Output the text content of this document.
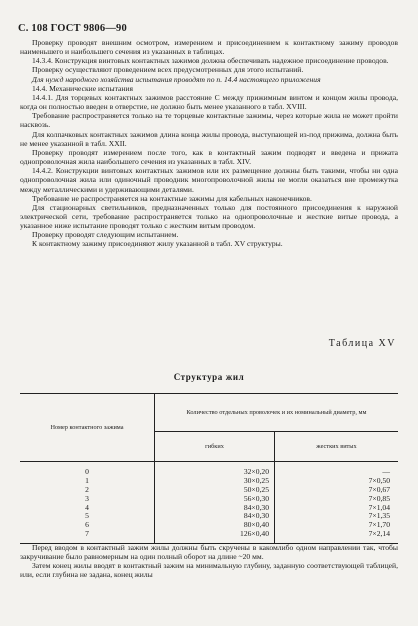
С. 108 ГОСТ 9806—90

Проверку проводят внешним осмотром, измерением и присоединением к контактному зажиму проводов наименьшего и наибольшего сечения из указанных в таблицах.

14.3.4. Конструкция винтовых контактных зажимов должна обеспечивать надежное присоединение проводов.

Проверку осуществляют проведением всех предусмотренных для этого испытаний.

Для нужд народного хозяйства испытания проводят по п. 14.4 настоящего приложения

14.4. Механические испытания

14.4.1. Для торцевых контактных зажимов расстояние С между прижимным винтом и концом жилы провода, когда он полностью введен в отверстие, не должно быть менее указанного в табл. XVIII.

Требование распространяется только на те торцевые контактные зажимы, через которые жила не может пройти насквозь.

Для колпачковых контактных зажимов длина конца жилы провода, выступающей из-под прижима, должна быть не менее указанной в табл. XXII.

Проверку проводят измерением после того, как в контактный зажим подводят и введена и прижата однопроволочная жила наибольшего сечения из указанных в табл. XIV.

14.4.2. Конструкции винтовых контактных зажимов или их размещение должны быть такими, чтобы ни одна однопроволочная жила или одиночный проводник многопроволочной жилы не могли оказаться вне промежутка между металлическими и удерживающими деталями.

Требование не распространяется на контактные зажимы для кабельных наконечников.

Для стационарных светильников, предназначенных только для постоянного присоединения к наружной электрической сети, требование распространяется только на однопроволочные и жесткие витые провода, а указанное ниже испытание проводят только с жестким витым проводом.

Проверку проводят следующим испытанием.

К контактному зажиму присоединяют жилу указанной в табл. XV структуры.

Таблица XV
Структура жил
Номер контактного зажима
Количество отдельных проволочек и их номинальный диаметр, мм
гибких	жестких витых
0	32×0,20	—
1	30×0,25	7×0,50
2	50×0,25	7×0,67
3	56×0,30	7×0,85
4	84×0,30	7×1,04
5	84×0,30	7×1,35
6	80×0,40	7×1,70
7	126×0,40	7×2,14

Перед вводом в контактный зажим жилы должны быть скручены в какомлибо одном направлении так, чтобы закручивание было равномерным на один полный оборот на длине ~20 мм.

Затем конец жилы вводят в контактный зажим на минимальную глубину, заданную соответствующей таблицей, или, если глубина не задана, конец жилы
